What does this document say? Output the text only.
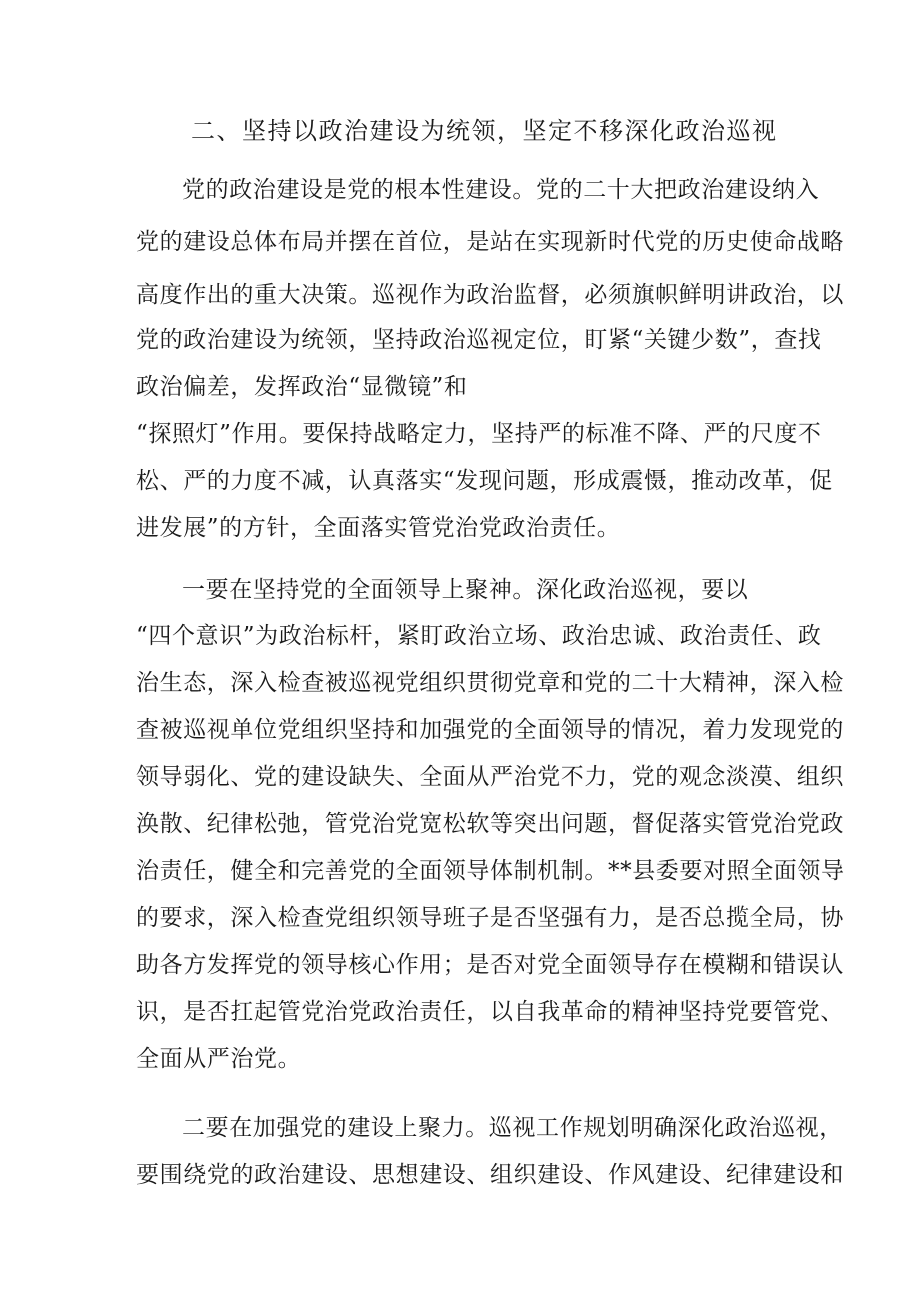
二、坚持以政治建设为统领，坚定不移深化政治巡视
党的政治建设是党的根本性建设。党的二十大把政治建设纳入
党的建设总体布局并摆在首位，是站在实现新时代党的历史使命战略
高度作出的重大决策。巡视作为政治监督，必须旗帜鲜明讲政治，以
党的政治建设为统领，坚持政治巡视定位，盯紧“关键少数”，查找
政治偏差，发挥政治“显微镜”和
“探照灯”作用。要保持战略定力，坚持严的标准不降、严的尺度不
松、严的力度不减，认真落实“发现问题，形成震慑，推动改革，促
进发展”的方针，全面落实管党治党政治责任。
一要在坚持党的全面领导上聚神。深化政治巡视，要以
“四个意识”为政治标杆，紧盯政治立场、政治忠诚、政治责任、政
治生态，深入检查被巡视党组织贯彻党章和党的二十大精神，深入检
查被巡视单位党组织坚持和加强党的全面领导的情况，着力发现党的
领导弱化、党的建设缺失、全面从严治党不力，党的观念淡漠、组织
涣散、纪律松弛，管党治党宽松软等突出问题，督促落实管党治党政
治责任，健全和完善党的全面领导体制机制。**县委要对照全面领导
的要求，深入检查党组织领导班子是否坚强有力，是否总揽全局，协
助各方发挥党的领导核心作用；是否对党全面领导存在模糊和错误认
识，是否扛起管党治党政治责任，以自我革命的精神坚持党要管党、
全面从严治党。
二要在加强党的建设上聚力。巡视工作规划明确深化政治巡视，
要围绕党的政治建设、思想建设、组织建设、作风建设、纪律建设和
